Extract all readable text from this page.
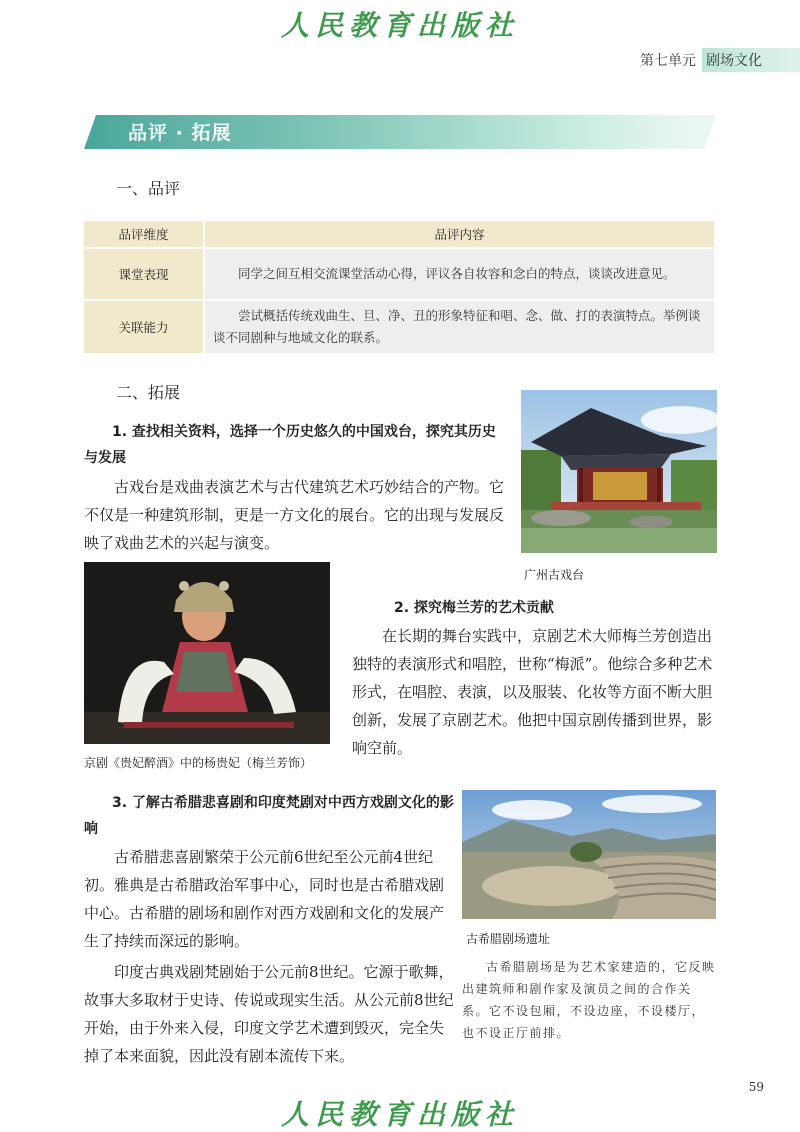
人民教育出版社
第七单元 剧场文化
品评 · 拓展
一、品评
品评维度	品评内容
课堂表现	同学之间互相交流课堂活动心得，评议各自妆容和念白的特点，谈谈改进意见。

关联能力	尝试概括传统戏曲生、旦、净、丑的形象特征和唱、念、做、打的表演特点。举例谈谈不同剧种与地域文化的联系。
二、拓展
1. 查找相关资料，选择一个历史悠久的中国戏台，探究其历史与发展
古戏台是戏曲表演艺术与古代建筑艺术巧妙结合的产物。它不仅是一种建筑形制，更是一方文化的展台。它的出现与发展反映了戏曲艺术的兴起与演变。
广州古戏台
京剧《贵妃醉酒》中的杨贵妃（梅兰芳饰）
2. 探究梅兰芳的艺术贡献
在长期的舞台实践中，京剧艺术大师梅兰芳创造出独特的表演形式和唱腔，世称“梅派”。他综合多种艺术形式，在唱腔、表演，以及服装、化妆等方面不断大胆创新，发展了京剧艺术。他把中国京剧传播到世界，影响空前。
3. 了解古希腊悲喜剧和印度梵剧对中西方戏剧文化的影响
古希腊悲喜剧繁荣于公元前6世纪至公元前4世纪初。雅典是古希腊政治军事中心，同时也是古希腊戏剧中心。古希腊的剧场和剧作对西方戏剧和文化的发展产生了持续而深远的影响。
印度古典戏剧梵剧始于公元前8世纪。它源于歌舞，故事大多取材于史诗、传说或现实生活。从公元前8世纪开始，由于外来入侵，印度文学艺术遭到毁灭，完全失掉了本来面貌，因此没有剧本流传下来。
古希腊剧场遗址
古希腊剧场是为艺术家建造的，它反映出建筑师和剧作家及演员之间的合作关系。它不设包厢，不设边座，不设楼厅，也不设正厅前排。
59
人民教育出版社
